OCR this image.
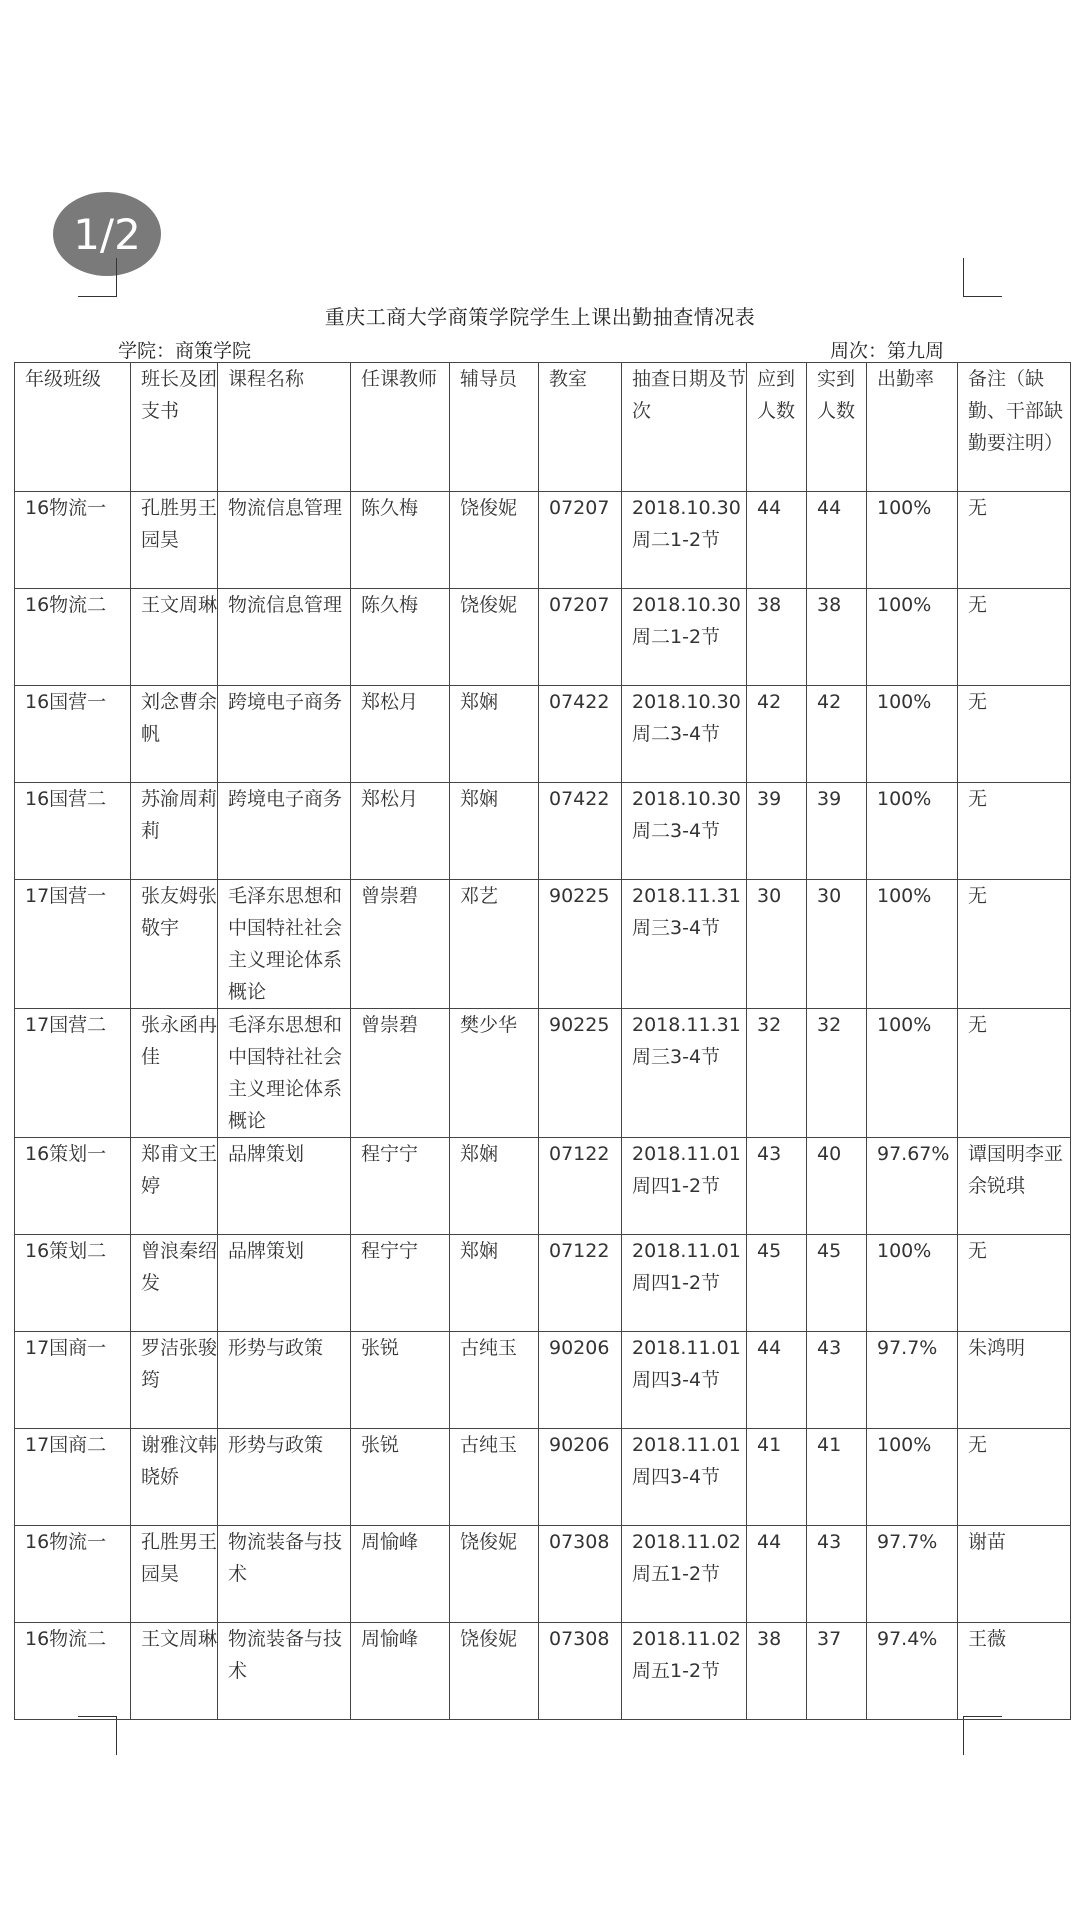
1/2
重庆工商大学商策学院学生上课出勤抽查情况表
学院：商策学院	周次：第九周
年级班级	班长及团支书	课程名称	任课教师	辅导员	教室	抽查日期及节次	应到人数	实到人数	出勤率	备注（缺勤、干部缺勤要注明）
16物流一	孔胜男王园昊	物流信息管理	陈久梅	饶俊妮	07207	2018.10.30周二1-2节	44	44	100%	无
16物流二	王文周琳	物流信息管理	陈久梅	饶俊妮	07207	2018.10.30周二1-2节	38	38	100%	无
16国营一	刘念曹余帆	跨境电子商务	郑松月	郑娴	07422	2018.10.30周二3-4节	42	42	100%	无
16国营二	苏渝周莉莉	跨境电子商务	郑松月	郑娴	07422	2018.10.30周二3-4节	39	39	100%	无
17国营一	张友姆张敬宇	毛泽东思想和中国特社社会主义理论体系概论	曾崇碧	邓艺	90225	2018.11.31周三3-4节	30	30	100%	无
17国营二	张永函冉佳	毛泽东思想和中国特社社会主义理论体系概论	曾崇碧	樊少华	90225	2018.11.31周三3-4节	32	32	100%	无
16策划一	郑甫文王婷	品牌策划	程宁宁	郑娴	07122	2018.11.01周四1-2节	43	40	97.67%	谭国明李亚余锐琪
16策划二	曾浪秦绍发	品牌策划	程宁宁	郑娴	07122	2018.11.01周四1-2节	45	45	100%	无
17国商一	罗洁张骏筠	形势与政策	张锐	古纯玉	90206	2018.11.01周四3-4节	44	43	97.7%	朱鸿明
17国商二	谢雅汶韩晓娇	形势与政策	张锐	古纯玉	90206	2018.11.01周四3-4节	41	41	100%	无
16物流一	孔胜男王园昊	物流装备与技术	周愉峰	饶俊妮	07308	2018.11.02周五1-2节	44	43	97.7%	谢苗
16物流二	王文周琳	物流装备与技术	周愉峰	饶俊妮	07308	2018.11.02周五1-2节	38	37	97.4%	王薇
